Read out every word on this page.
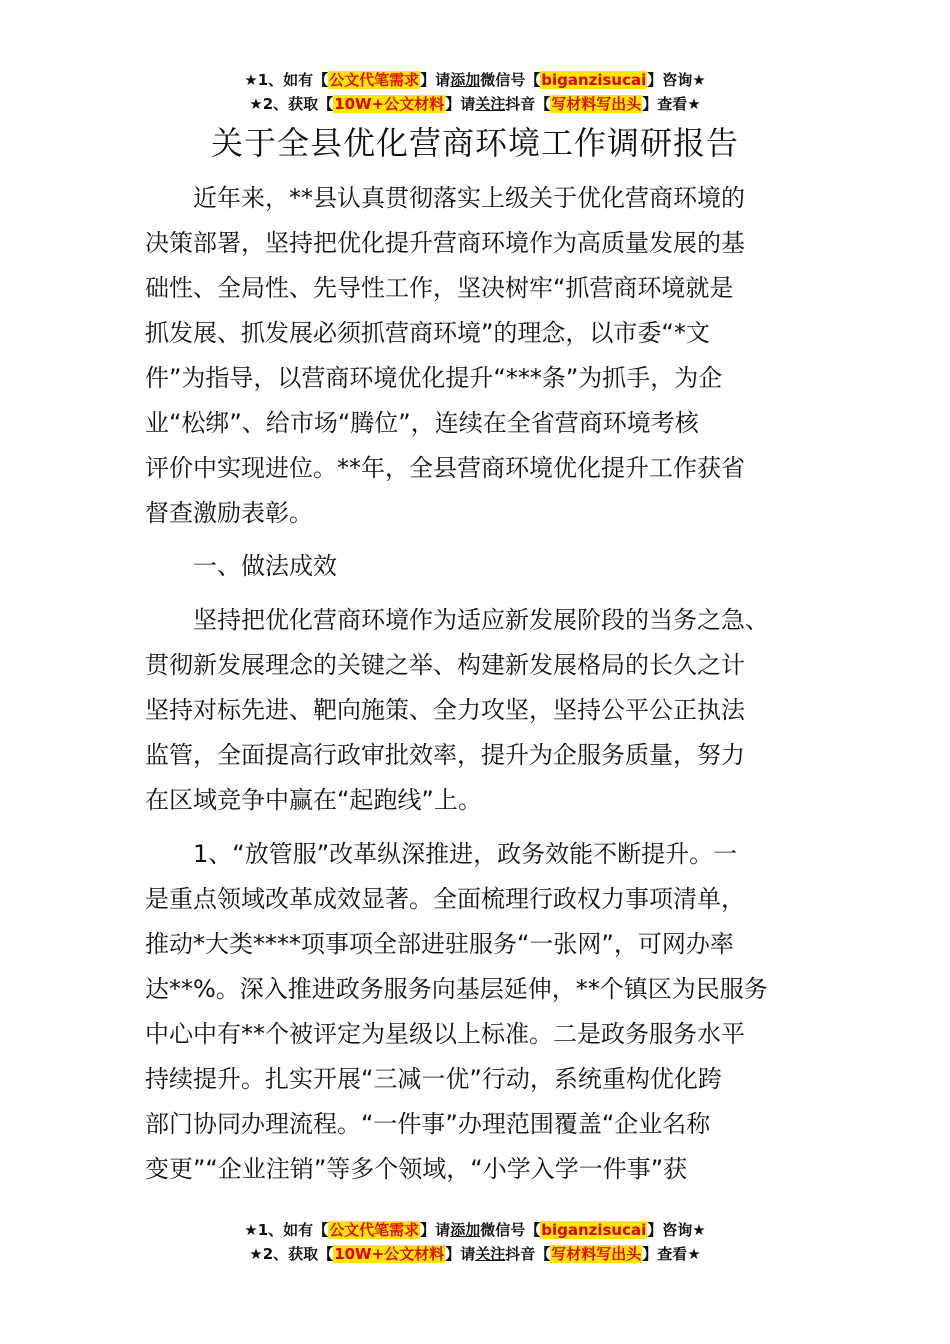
★1、如有【公文代笔需求】请添加微信号【biganzisucai】咨询★
★2、获取【10W+公文材料】请关注抖音【写材料写出头】查看★
关于全县优化营商环境工作调研报告
　　近年来，**县认真贯彻落实上级关于优化营商环境的
决策部署，坚持把优化提升营商环境作为高质量发展的基
础性、全局性、先导性工作，坚决树牢“抓营商环境就是
抓发展、抓发展必须抓营商环境”的理念，以市委“*文
件”为指导，以营商环境优化提升“***条”为抓手，为企
业“松绑”、给市场“腾位”，连续在全省营商环境考核
评价中实现进位。**年，全县营商环境优化提升工作获省
督查激励表彰。
　　一、做法成效
　　坚持把优化营商环境作为适应新发展阶段的当务之急、
贯彻新发展理念的关键之举、构建新发展格局的长久之计
坚持对标先进、靶向施策、全力攻坚，坚持公平公正执法
监管，全面提高行政审批效率，提升为企服务质量，努力
在区域竞争中赢在“起跑线”上。
　　1、“放管服”改革纵深推进，政务效能不断提升。一
是重点领域改革成效显著。全面梳理行政权力事项清单，
推动*大类****项事项全部进驻服务“一张网”，可网办率
达**%。深入推进政务服务向基层延伸，**个镇区为民服务
中心中有**个被评定为星级以上标准。二是政务服务水平
持续提升。扎实开展“三减一优”行动，系统重构优化跨
部门协同办理流程。“一件事”办理范围覆盖“企业名称
变更”“企业注销”等多个领域，“小学入学一件事”获
★1、如有【公文代笔需求】请添加微信号【biganzisucai】咨询★
★2、获取【10W+公文材料】请关注抖音【写材料写出头】查看★
